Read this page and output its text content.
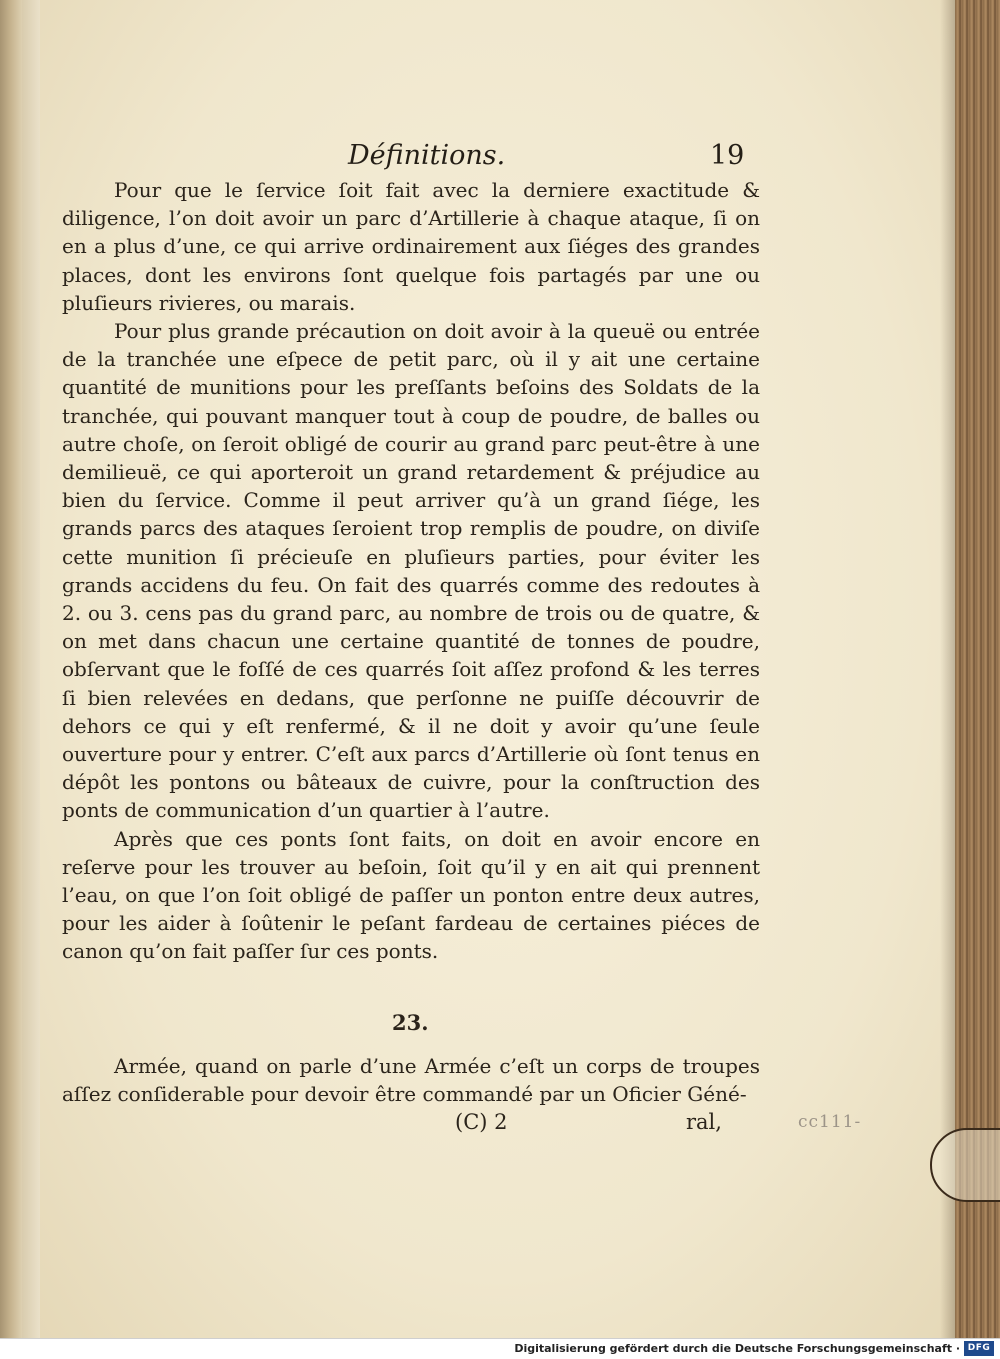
Définitions.	19

Pour que le ſervice ſoit fait avec la derniere exactitude & diligence, l’on doit avoir un parc d’Artillerie à chaque ataque, ſi on en a plus d’une, ce qui arrive ordinairement aux ſiéges des grandes places, dont les environs ſont quelque fois partagés par une ou pluſieurs rivieres, ou marais.

Pour plus grande précaution on doit avoir à la queuë ou entrée de la tranchée une eſpece de petit parc, où il y ait une certaine quantité de munitions pour les preſſants beſoins des Soldats de la tranchée, qui pouvant manquer tout à coup de poudre, de balles ou autre choſe, on ſeroit obligé de courir au grand parc peut-être à une demilieuë, ce qui aporteroit un grand retardement & préjudice au bien du ſervice. Comme il peut arriver qu’à un grand ſiége, les grands parcs des ataques ſeroient trop remplis de poudre, on diviſe cette munition ſi précieuſe en pluſieurs parties, pour éviter les grands accidens du feu. On fait des quarrés comme des redoutes à 2. ou 3. cens pas du grand parc, au nombre de trois ou de quatre, & on met dans chacun une certaine quantité de tonnes de poudre, obſervant que le foſſé de ces quarrés ſoit aſſez profond & les terres ſi bien relevées en dedans, que perſonne ne puiſſe découvrir de dehors ce qui y eſt renfermé, & il ne doit y avoir qu’une ſeule ouverture pour y entrer. C’eſt aux parcs d’Artillerie où ſont tenus en dépôt les pontons ou bâteaux de cuivre, pour la conſtruction des ponts de communication d’un quartier à l’autre.

Après que ces ponts ſont faits, on doit en avoir encore en reſerve pour les trouver au beſoin, ſoit qu’il y en ait qui prennent l’eau, on que l’on ſoit obligé de paſſer un ponton entre deux autres, pour les aider à ſoûtenir le peſant fardeau de certaines piéces de canon qu’on fait paſſer ſur ces ponts.

23.

Armée, quand on parle d’une Armée c’eſt un corps de troupes aſſez conſiderable pour devoir être commandé par un Oficier Géné-

(C) 2	ral,	cc111-
Digitalisierung gefördert durch die Deutsche Forschungsgemeinschaft · DFG
